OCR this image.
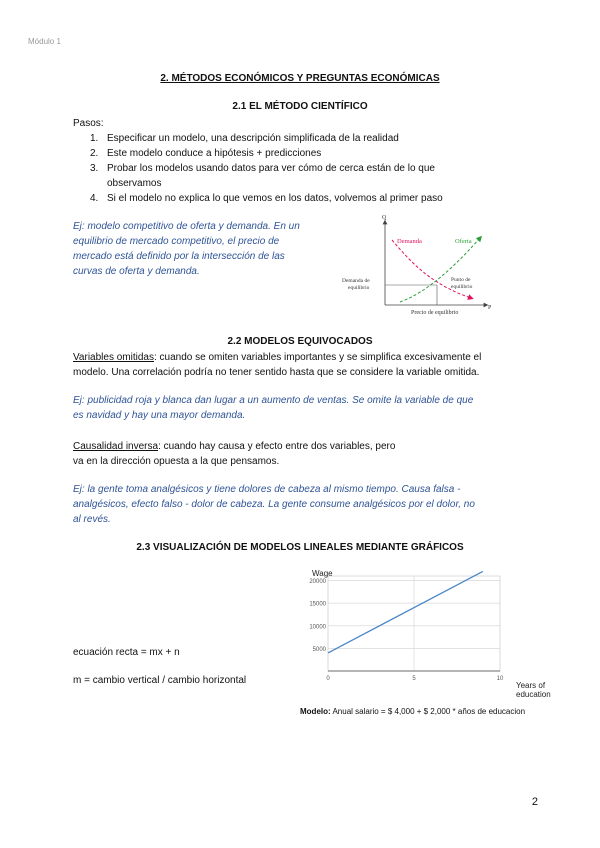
Módulo 1
2. MÉTODOS ECONÓMICOS Y PREGUNTAS ECONÓMICAS
2.1 EL MÉTODO CIENTÍFICO
Pasos:
1. Especificar un modelo, una descripción simplificada de la realidad
2. Este modelo conduce a hipótesis + predicciones
3. Probar los modelos usando datos para ver cómo de cerca están de lo que
observamos
4. Si el modelo no explica lo que vemos en los datos, volvemos al primer paso
Ej: modelo competitivo de oferta y demanda. En un
equilibrio de mercado competitivo, el precio de
mercado está definido por la intersección de las
curvas de oferta y demanda.
Q
P
Demanda	Oferta
Demanda de
equilibrio
Punto de
equilibrio
Precio de equilibrio
2.2 MODELOS EQUIVOCADOS
Variables omitidas: cuando se omiten variables importantes y se simplifica excesivamente el
modelo. Una correlación podría no tener sentido hasta que se considere la variable omitida.
Ej: publicidad roja y blanca dan lugar a un aumento de ventas. Se omite la variable de que
es navidad y hay una mayor demanda.
Causalidad inversa: cuando hay causa y efecto entre dos variables, pero
va en la dirección opuesta a la que pensamos.
Ej: la gente toma analgésicos y tiene dolores de cabeza al mismo tiempo. Causa falsa -
analgésicos, efecto falso - dolor de cabeza. La gente consume analgésicos por el dolor, no
al revés.
2.3 VISUALIZACIÓN DE MODELOS LINEALES MEDIANTE GRÁFICOS
ecuación recta = mx + n
m = cambio vertical / cambio horizontal
5000
10000
15000
20000
0	5	10
Wage
Years of
education
Modelo: Anual salario = $ 4,000 + $ 2,000 * años de educacion
2
